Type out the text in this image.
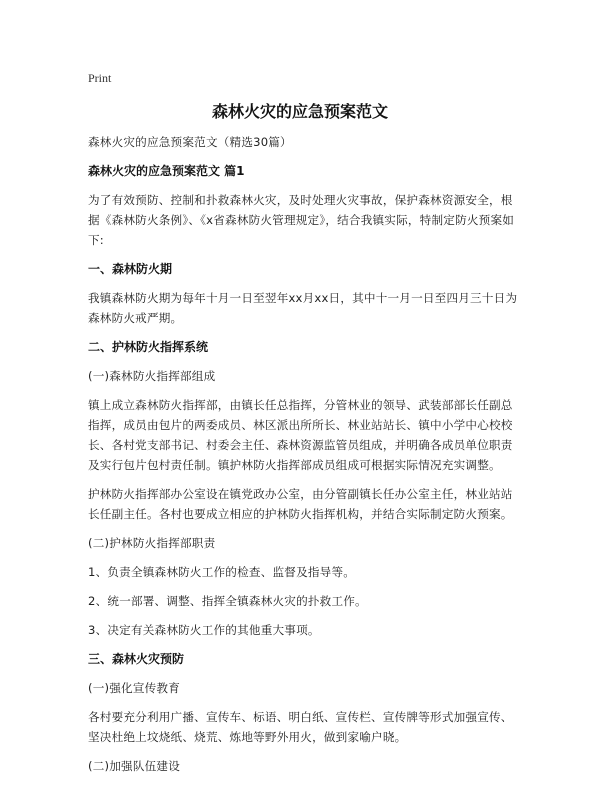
Print
森林火灾的应急预案范文

森林火灾的应急预案范文（精选30篇）

森林火灾的应急预案范文 篇1

为了有效预防、控制和扑救森林火灾，及时处理火灾事故，保护森林资源安全，根据《森林防火条例》、《x省森林防火管理规定》，结合我镇实际，特制定防火预案如下:

一、森林防火期

我镇森林防火期为每年十月一日至翌年xx月xx日，其中十一月一日至四月三十日为森林防火戒严期。

二、护林防火指挥系统

(一)森林防火指挥部组成

镇上成立森林防火指挥部，由镇长任总指挥，分管林业的领导、武装部部长任副总指挥，成员由包片的两委成员、林区派出所所长、林业站站长、镇中小学中心校校长、各村党支部书记、村委会主任、森林资源监管员组成，并明确各成员单位职责及实行包片包村责任制。镇护林防火指挥部成员组成可根据实际情况充实调整。

护林防火指挥部办公室设在镇党政办公室，由分管副镇长任办公室主任，林业站站长任副主任。各村也要成立相应的护林防火指挥机构，并结合实际制定防火预案。

(二)护林防火指挥部职责

1、负责全镇森林防火工作的检查、监督及指导等。

2、统一部署、调整、指挥全镇森林火灾的扑救工作。

3、决定有关森林防火工作的其他重大事项。

三、森林火灾预防

(一)强化宣传教育

各村要充分利用广播、宣传车、标语、明白纸、宣传栏、宣传牌等形式加强宣传、坚决杜绝上坟烧纸、烧荒、炼地等野外用火，做到家喻户晓。

(二)加强队伍建设
